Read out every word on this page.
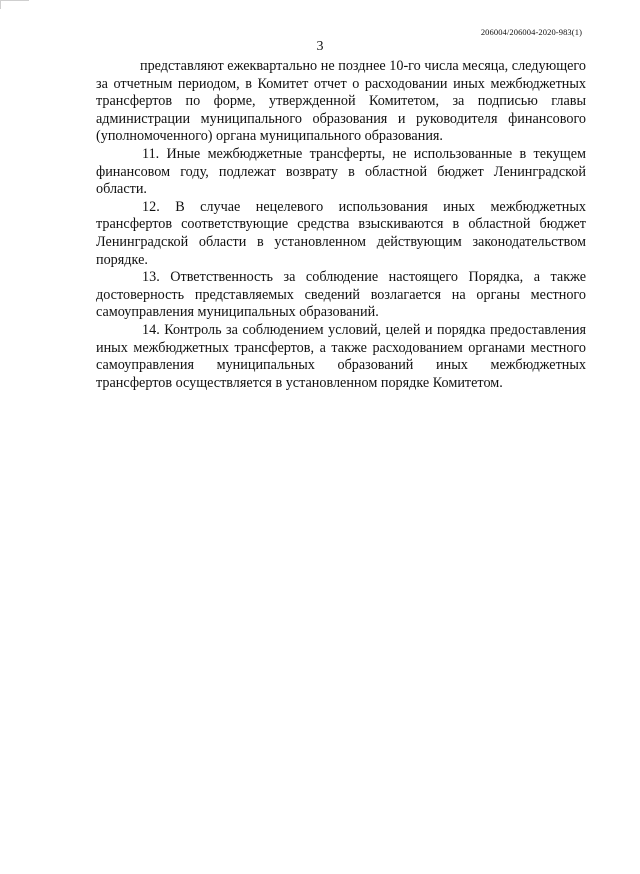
206004/206004-2020-983(1)
3

представляют ежеквартально не позднее 10-го числа месяца, следующего за отчетным периодом, в Комитет отчет о расходовании иных межбюджетных трансфертов по форме, утвержденной Комитетом, за подписью главы администрации муниципального образования и руководителя финансового (уполномоченного) органа муниципального образования.

11. Иные межбюджетные трансферты, не использованные в текущем финансовом году, подлежат возврату в областной бюджет Ленинградской области.

12. В случае нецелевого использования иных межбюджетных трансфертов соответствующие средства взыскиваются в областной бюджет Ленинградской области в установленном действующим законодательством порядке.

13. Ответственность за соблюдение настоящего Порядка, а также достоверность представляемых сведений возлагается на органы местного самоуправления муниципальных образований.

14. Контроль за соблюдением условий, целей и порядка предоставления иных межбюджетных трансфертов, а также расходованием органами местного самоуправления муниципальных образований иных межбюджетных трансфертов осуществляется в установленном порядке Комитетом.
